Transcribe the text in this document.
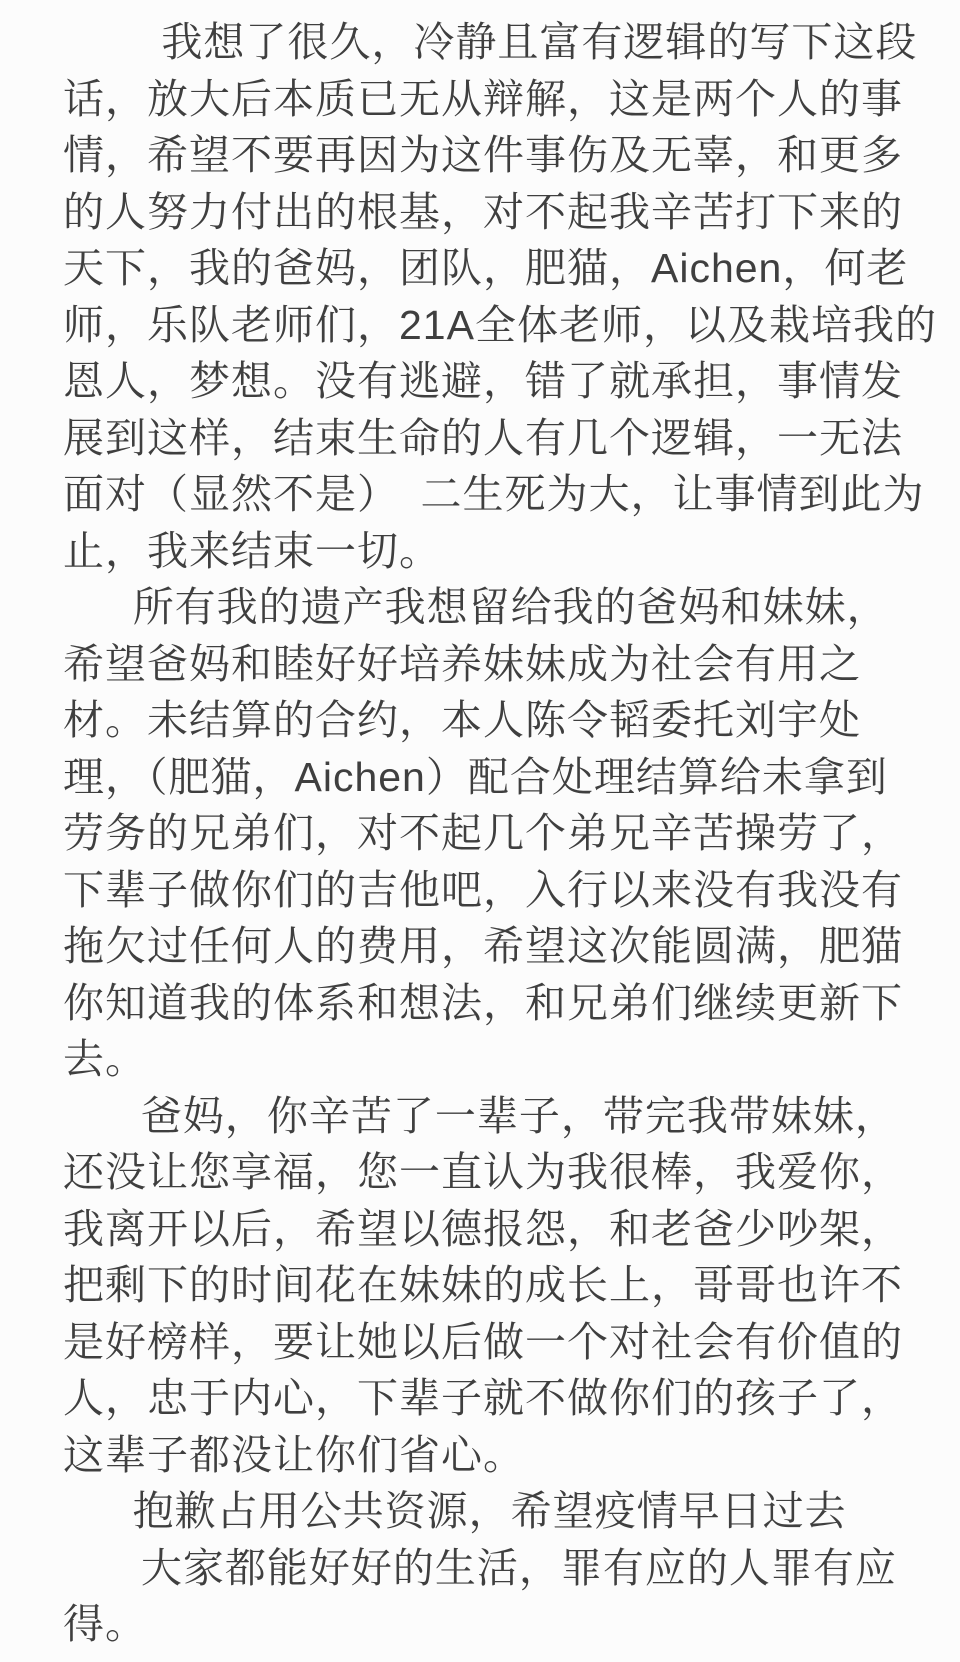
我想了很久，冷静且富有逻辑的写下这段
话，放大后本质已无从辩解，这是两个人的事
情，希望不要再因为这件事伤及无辜，和更多
的人努力付出的根基，对不起我辛苦打下来的
天下，我的爸妈，团队，肥猫，Aichen，何老
师，乐队老师们，21A全体老师，以及栽培我的
恩人，梦想。没有逃避，错了就承担，事情发
展到这样，结束生命的人有几个逻辑，一无法
面对（显然不是）　二生死为大，让事情到此为
止，我来结束一切。
所有我的遗产我想留给我的爸妈和妹妹，
希望爸妈和睦好好培养妹妹成为社会有用之
材。未结算的合约，本人陈令韬委托刘宇处
理，（肥猫，Aichen）配合处理结算给未拿到
劳务的兄弟们，对不起几个弟兄辛苦操劳了，
下辈子做你们的吉他吧，入行以来没有我没有
拖欠过任何人的费用，希望这次能圆满，肥猫
你知道我的体系和想法，和兄弟们继续更新下
去。
爸妈，你辛苦了一辈子，带完我带妹妹，
还没让您享福，您一直认为我很棒，我爱你，
我离开以后，希望以德报怨，和老爸少吵架，
把剩下的时间花在妹妹的成长上，哥哥也许不
是好榜样，要让她以后做一个对社会有价值的
人，忠于内心，下辈子就不做你们的孩子了，
这辈子都没让你们省心。
抱歉占用公共资源，希望疫情早日过去
大家都能好好的生活，罪有应的人罪有应
得。
